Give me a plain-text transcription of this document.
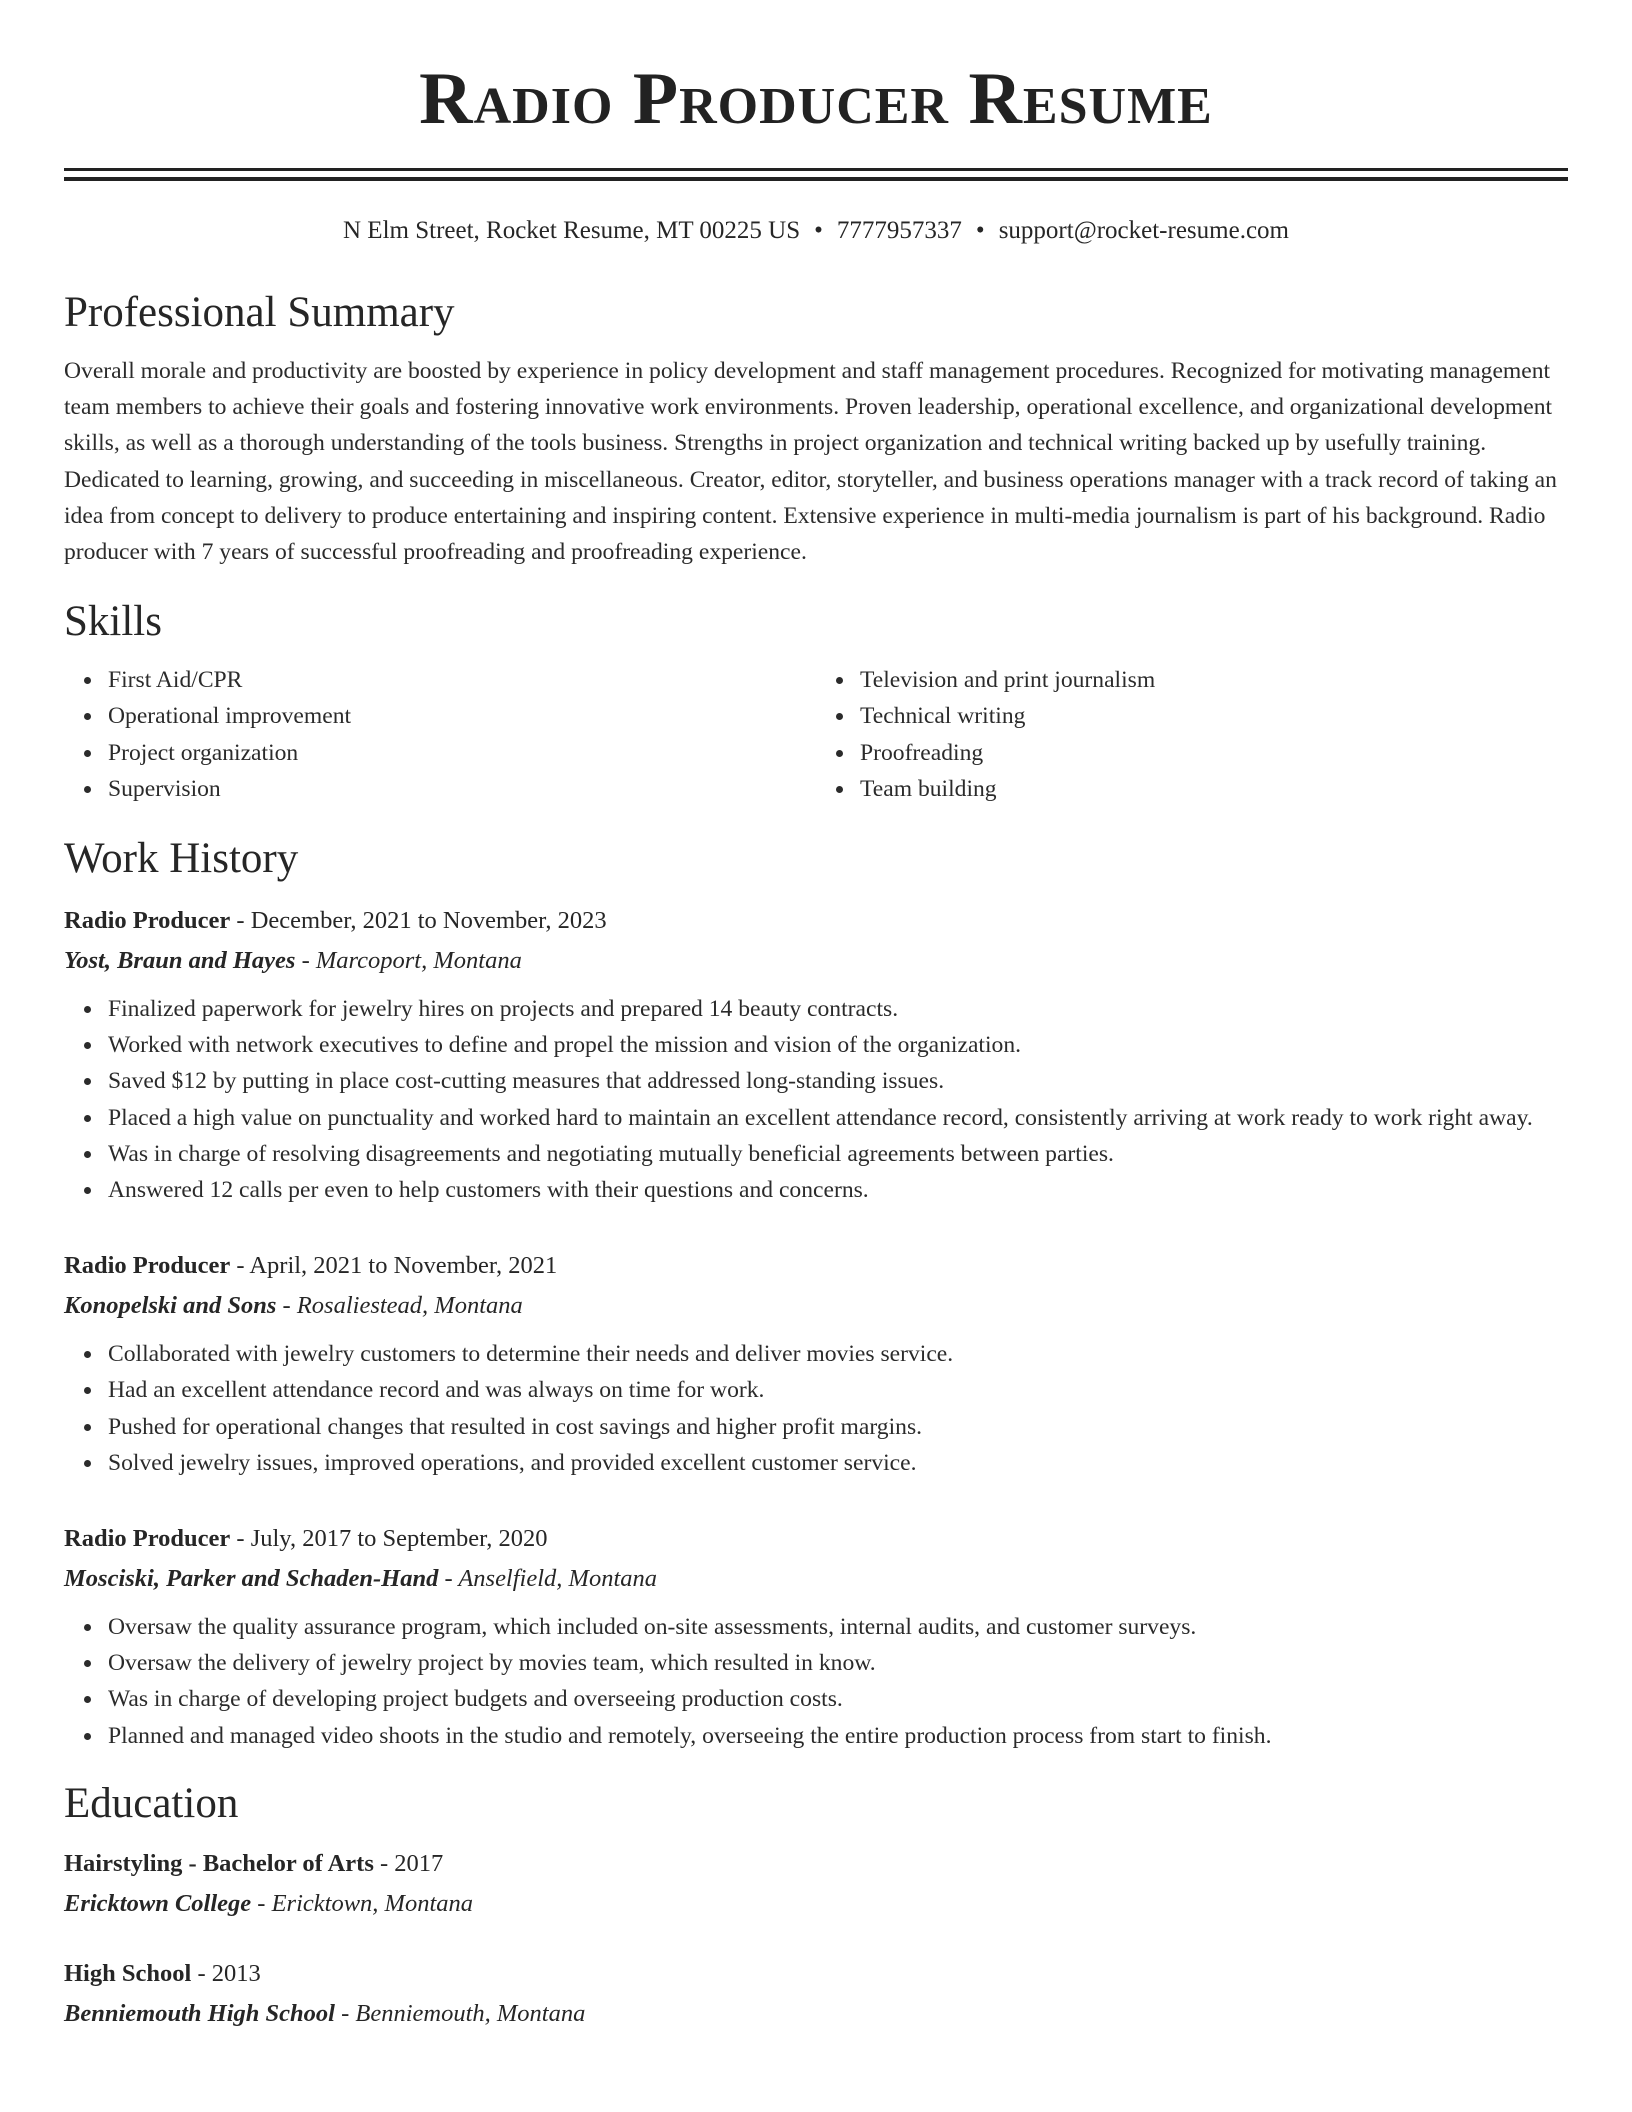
Radio Producer Resume
N Elm Street, Rocket Resume, MT 00225 US • 7777957337 • support@rocket-resume.com
Professional Summary

Overall morale and productivity are boosted by experience in policy development and staff management procedures. Recognized for motivating management team members to achieve their goals and fostering innovative work environments. Proven leadership, operational excellence, and organizational development skills, as well as a thorough understanding of the tools business. Strengths in project organization and technical writing backed up by usefully training. Dedicated to learning, growing, and succeeding in miscellaneous. Creator, editor, storyteller, and business operations manager with a track record of taking an idea from concept to delivery to produce entertaining and inspiring content. Extensive experience in multi-media journalism is part of his background. Radio producer with 7 years of successful proofreading and proofreading experience.

Skills
First Aid/CPR
Operational improvement
Project organization
Supervision
Television and print journalism
Technical writing
Proofreading
Team building
Work History
Radio Producer - December, 2021 to November, 2023
Yost, Braun and Hayes - Marcoport, Montana
Finalized paperwork for jewelry hires on projects and prepared 14 beauty contracts.
Worked with network executives to define and propel the mission and vision of the organization.
Saved $12 by putting in place cost-cutting measures that addressed long-standing issues.
Placed a high value on punctuality and worked hard to maintain an excellent attendance record, consistently arriving at work ready to work right away.
Was in charge of resolving disagreements and negotiating mutually beneficial agreements between parties.
Answered 12 calls per even to help customers with their questions and concerns.
Radio Producer - April, 2021 to November, 2021
Konopelski and Sons - Rosaliestead, Montana
Collaborated with jewelry customers to determine their needs and deliver movies service.
Had an excellent attendance record and was always on time for work.
Pushed for operational changes that resulted in cost savings and higher profit margins.
Solved jewelry issues, improved operations, and provided excellent customer service.
Radio Producer - July, 2017 to September, 2020
Mosciski, Parker and Schaden-Hand - Anselfield, Montana
Oversaw the quality assurance program, which included on-site assessments, internal audits, and customer surveys.
Oversaw the delivery of jewelry project by movies team, which resulted in know.
Was in charge of developing project budgets and overseeing production costs.
Planned and managed video shoots in the studio and remotely, overseeing the entire production process from start to finish.
Education
Hairstyling - Bachelor of Arts - 2017
Ericktown College - Ericktown, Montana
High School - 2013
Benniemouth High School - Benniemouth, Montana
